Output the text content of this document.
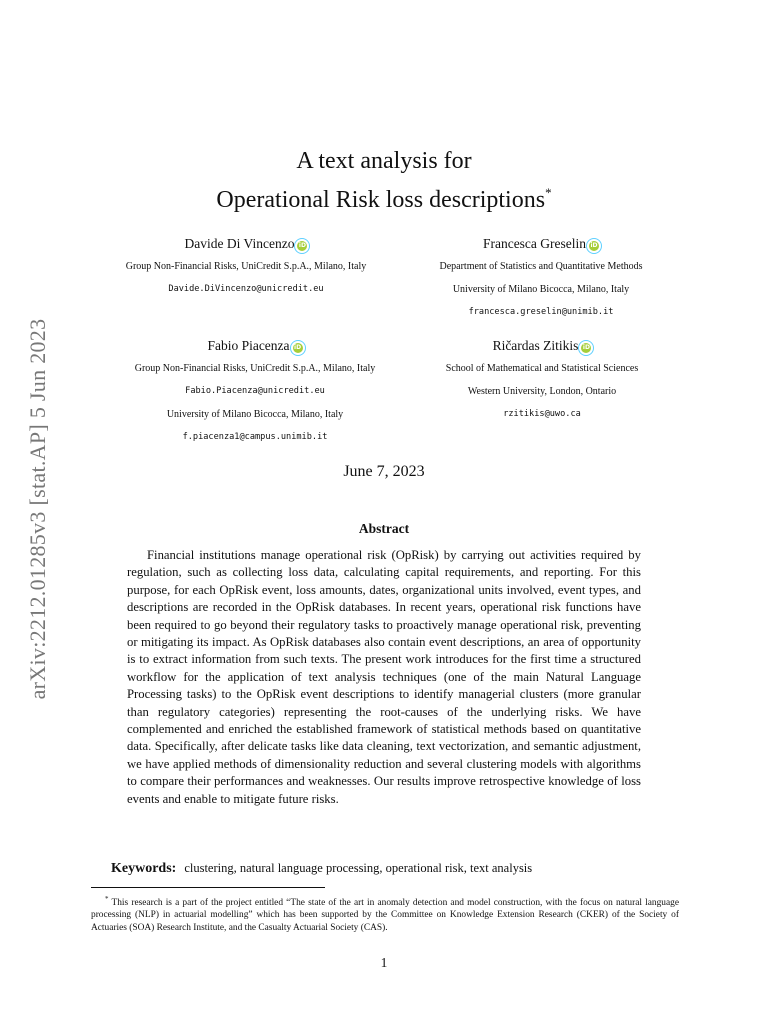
arXiv:2212.01285v3 [stat.AP] 5 Jun 2023
A text analysis for
Operational Risk loss descriptions*
Davide Di Vincenzo iD
Group Non-Financial Risks, UniCredit S.p.A., Milano, Italy
Davide.DiVincenzo@unicredit.eu
Francesca Greselin iD
Department of Statistics and Quantitative Methods
University of Milano Bicocca, Milano, Italy
francesca.greselin@unimib.it
Fabio Piacenza iD
Group Non-Financial Risks, UniCredit S.p.A., Milano, Italy
Fabio.Piacenza@unicredit.eu
University of Milano Bicocca, Milano, Italy
f.piacenza1@campus.unimib.it
Ričardas Zitikis iD
School of Mathematical and Statistical Sciences
Western University, London, Ontario
rzitikis@uwo.ca
June 7, 2023
Abstract

Financial institutions manage operational risk (OpRisk) by carrying out activities required by regulation, such as collecting loss data, calculating capital requirements, and reporting. For this purpose, for each OpRisk event, loss amounts, dates, organizational units involved, event types, and descriptions are recorded in the OpRisk databases. In recent years, operational risk functions have been required to go beyond their regulatory tasks to proactively manage operational risk, preventing or mitigating its impact. As OpRisk databases also contain event descriptions, an area of opportunity is to extract information from such texts. The present work introduces for the first time a structured workflow for the application of text analysis techniques (one of the main Natural Language Processing tasks) to the OpRisk event descriptions to identify managerial clusters (more granular than regulatory categories) representing the root-causes of the underlying risks. We have complemented and enriched the established framework of statistical methods based on quantitative data. Specifically, after delicate tasks like data cleaning, text vectorization, and semantic adjustment, we have applied methods of dimensionality reduction and several clustering models with algorithms to compare their performances and weaknesses. Our results improve retrospective knowledge of loss events and enable to mitigate future risks.

Keywords: clustering, natural language processing, operational risk, text analysis

* This research is a part of the project entitled “The state of the art in anomaly detection and model construction, with the focus on natural language processing (NLP) in actuarial modelling” which has been supported by the Committee on Knowledge Extension Research (CKER) of the Society of Actuaries (SOA) Research Institute, and the Casualty Actuarial Society (CAS).

1
